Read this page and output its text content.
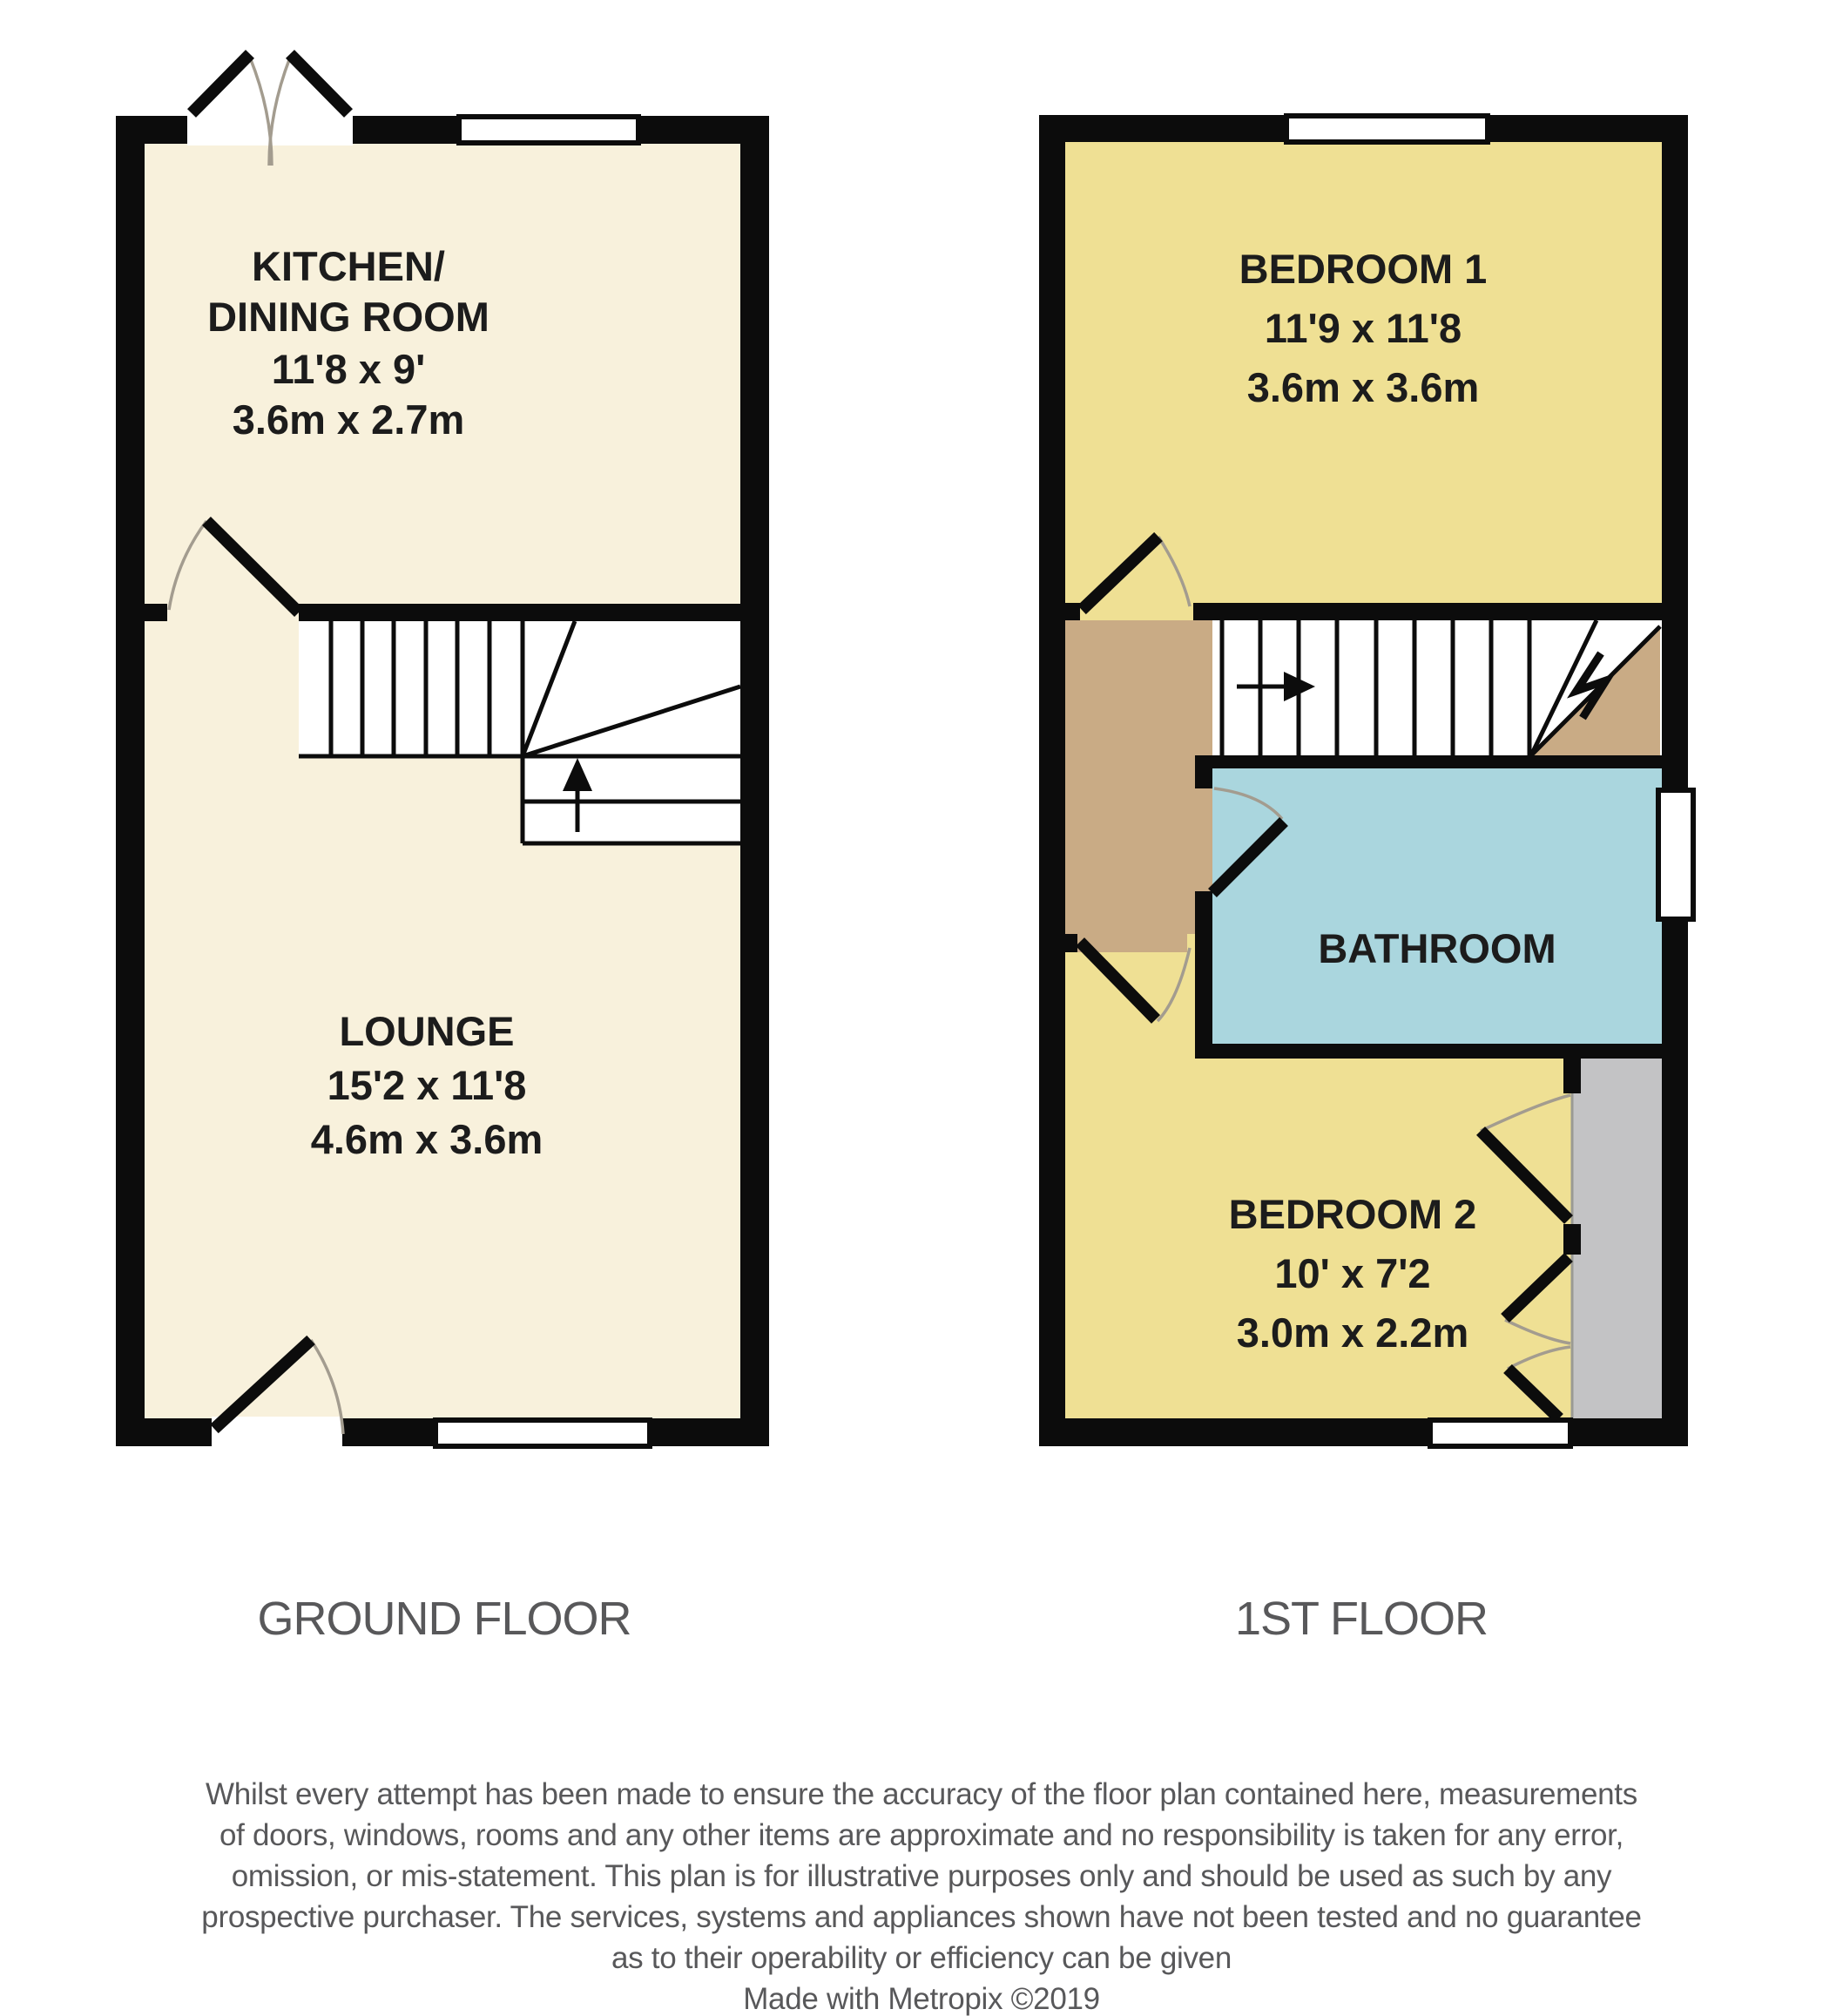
KITCHEN/
DINING ROOM
11'8 x 9'
3.6m x 2.7m
LOUNGE
15'2 x 11'8
4.6m x 3.6m
GROUND FLOOR
BEDROOM 1
11'9 x 11'8
3.6m x 3.6m
BATHROOM
BEDROOM 2
10' x 7'2
3.0m x 2.2m
1ST FLOOR
Whilst every attempt has been made to ensure the accuracy of the floor plan contained here, measurements
of doors, windows, rooms and any other items are approximate and no responsibility is taken for any error,
omission, or mis-statement. This plan is for illustrative purposes only and should be used as such by any
prospective purchaser. The services, systems and appliances shown have not been tested and no guarantee
as to their operability or efficiency can be given
Made with Metropix ©2019
